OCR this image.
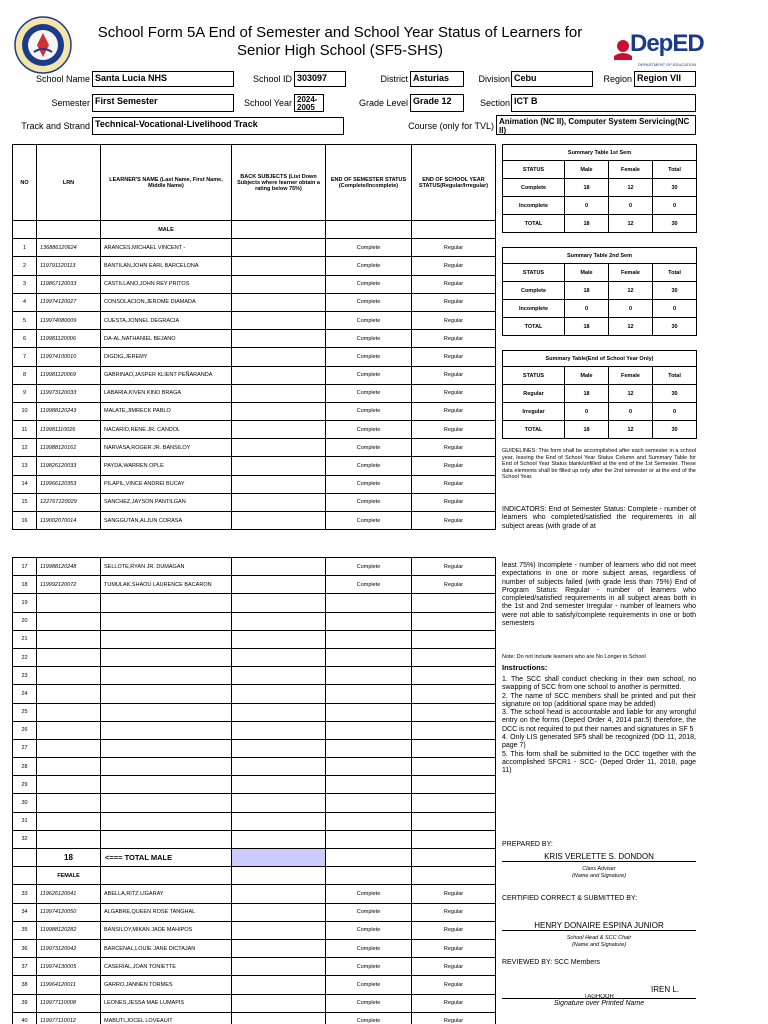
DepED
DEPARTMENT OF EDUCATION
School Form 5A End of Semester and School Year Status of Learners for Senior High School (SF5-SHS)
School Name Santa Lucia NHS	School ID 303097	District Asturias	Division Cebu	Region Region VII
Semester First Semester	School Year 2024-2005	Grade Level Grade 12	Section ICT B
Track and Strand Technical-Vocational-Livelihood Track	Course (only for TVL) Animation (NC II), Computer System Servicing(NC II)
NO	LRN	LEARNER'S NAME (Last Name, First Name, Middle Name)	BACK SUBJECTS (List Down Subjects where learner obtain a rating below 75%)	END OF SEMESTER STATUS (Complete/Incomplete)	END OF SCHOOL YEAR STATUS(Regular/Irregular)
		MALE			
1	136886120624	ARANCES,MICHAEL VINCENT -		Complete	Regular
2	119791120113	BANTILAN,JOHN EARL BARCELONA		Complete	Regular
3	119867120033	CASTILLANO,JOHN REY PRITOS		Complete	Regular
4	119974120027	CONSOLACION,JEROME DIAMADA		Complete	Regular
5	119974080009	CUESTA,JONNEL DEGRACIA		Complete	Regular
6	119981120006	DA-AL,NATHANIEL BEJANO		Complete	Regular
7	119974100010	DIGDIG,JEREMY		Complete	Regular
8	119981120069	GABRINAO,JASPER KLIENT PEÑARANDA		Complete	Regular
9	119973120033	LABARIA,KIVEN KINO BRAGA		Complete	Regular
10	119988120243	MALATE,JIMRECK PABLO		Complete	Regular
11	119981110026	NACARIO,RENE JR. CANDOL		Complete	Regular
12	119988120161	NARVASA,ROGER JR. BANSILOY		Complete	Regular
13	119826120033	PAYDA,WARREN OPLE		Complete	Regular
14	119966120353	PILAPIL,VINCE ANDREI BUCAY		Complete	Regular
15	122767120029	SANCHEZ,JAYSON PANTILGAN		Complete	Regular
16	119002070014	SANGGUTAN,ALJUN CORASA		Complete	Regular
17	119988120248	SELLOTE,RYAN JR. DUMAGAN		Complete	Regular
18	119992120072	TUMULAK,SHAOU LAURENCE BACARON		Complete	Regular
19					
20					
21					
22					
23					
24					
25					
26					
27					
28					
29					
30					
31					
32					
	18	<=== TOTAL MALE			
	FEMALE				
33	119626120041	ABELLA,RITZ LIGARAY		Complete	Regular
34	119974120050	ALGABRE,QUEEN ROSE TANGHAL		Complete	Regular
35	119988120282	BANSILOY,MIKAN JADE MAHIPOS		Complete	Regular
36	119973120042	BARCENAL,LOUIE JANE DICTAJAN		Complete	Regular
37	119974130005	CASERIAL,JOAN TONIETTE		Complete	Regular
38	119964120011	GARRO,JANNEN TORMES		Complete	Regular
39	119977110008	LEONES,JESSA MAE LUMAPIS		Complete	Regular
40	119977110012	MABUTI,JOCEL LOVEAUIT		Complete	Regular
Summary Table 1st Sem			
STATUS	Male	Female	Total
Complete	18	12	30
Incomplete	0	0	0
TOTAL	18	12	30
Summary Table 2nd Sem			
STATUS	Male	Female	Total
Complete	18	12	30
Incomplete	0	0	0
TOTAL	18	12	30
Summary Table(End of School Year Only)			
STATUS	Male	Female	Total
Regular	18	12	30
Irregular	0	0	0
TOTAL	18	12	30
GUIDELINES: This form shall be accomplished after each semester in a school year, leaving the End of School Year Status Column and Summary Table for End of School Year Status blank/unfilled at the end of the 1st Semester. These data elements shall be filled up only after the 2nd semester or at the end of the School Year.
INDICATORS: End of Semester Status: Complete - number of learners who completed/satisfied the requirements in all subject areas (with grade of at
least 75%) Incomplete - number of learners who did not meet expectations in one or more subject areas, regardless of number of subjects failed (with grade less than 75%) End of Program Status: Regular - number of learners who completed/satisfied requirements in all subject areas both in the 1st and 2nd semester Irregular - number of learners who were not able to satisfy/complete requirements in one or both semesters
Note: Do not include learners who are No Longer in School
Instructions:
1. The SCC shall conduct checking in their own school, no swapping of SCC from one school to another is permitted.
2. The name of SCC members shall be printed and put their signature on top (additional space may be added)
3. The school head is accountable and liable for any wrongful entry on the forms (Deped Order 4, 2014 par.5) therefore, the DCC is not required to put their names and signatures in SF 5
4. Only LIS generated SF5 shall be recognized (DO 11, 2018, page 7)
5. This form shall be submitted to the DCC together with the accomplished SFCR1 - SCC- (Deped Order 11, 2018, page 11)
PREPARED BY:
KRIS VERLETTE S. DONDON
Class Adviser
(Name and Signature)
CERTIFIED CORRECT & SUBMITTED BY:
HENRY DONAIRE ESPINA JUNIOR
School Head & SCC Chair
(Name and Signature)
REVIEWED BY: SCC Members
IREN L.
TAGHOOR
Signature over Printed Name
